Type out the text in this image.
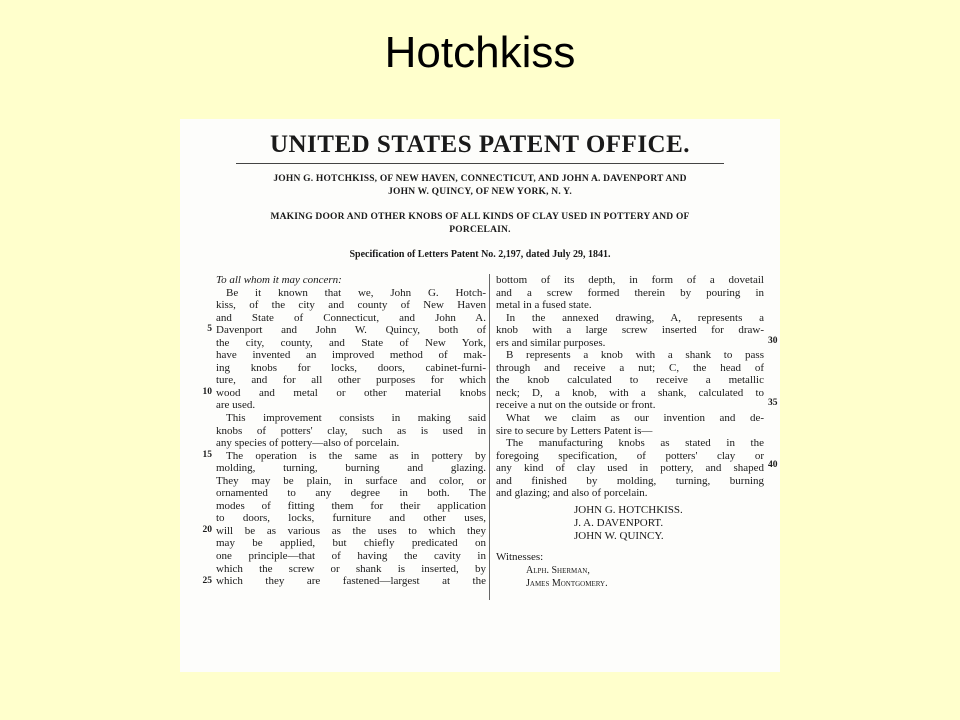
Hotchkiss
UNITED STATES PATENT OFFICE.
JOHN G. HOTCHKISS, OF NEW HAVEN, CONNECTICUT, AND JOHN A. DAVENPORT AND
JOHN W. QUINCY, OF NEW YORK, N. Y.
MAKING DOOR AND OTHER KNOBS OF ALL KINDS OF CLAY USED IN POTTERY AND OF
PORCELAIN.
Specification of Letters Patent No. 2,197, dated July 29, 1841.
5
10
15
20
25
To all whom it may concern:
Be it known that we, John G. Hotch-
kiss, of the city and county of New Haven
and State of Connecticut, and John A.
Davenport and John W. Quincy, both of
the city, county, and State of New York,
have invented an improved method of mak-
ing knobs for locks, doors, cabinet-furni-
ture, and for all other purposes for which
wood and metal or other material knobs
are used.
This improvement consists in making said
knobs of potters' clay, such as is used in
any species of pottery—also of porcelain.
The operation is the same as in pottery by
molding, turning, burning and glazing.
They may be plain, in surface and color, or
ornamented to any degree in both. The
modes of fitting them for their application
to doors, locks, furniture and other uses,
will be as various as the uses to which they
may be applied, but chiefly predicated on
one principle—that of having the cavity in
which the screw or shank is inserted, by
which they are fastened—largest at the
30
35
40
bottom of its depth, in form of a dovetail
and a screw formed therein by pouring in
metal in a fused state.
In the annexed drawing, A, represents a
knob with a large screw inserted for draw-
ers and similar purposes.
B represents a knob with a shank to pass
through and receive a nut; C, the head of
the knob calculated to receive a metallic
neck; D, a knob, with a shank, calculated to
receive a nut on the outside or front.
What we claim as our invention and de-
sire to secure by Letters Patent is—
The manufacturing knobs as stated in the
foregoing specification, of potters' clay or
any kind of clay used in pottery, and shaped
and finished by molding, turning, burning
and glazing; and also of porcelain.
JOHN G. HOTCHKISS.
J. A. DAVENPORT.
JOHN W. QUINCY.
Witnesses:
Alph. Sherman,
James Montgomery.
